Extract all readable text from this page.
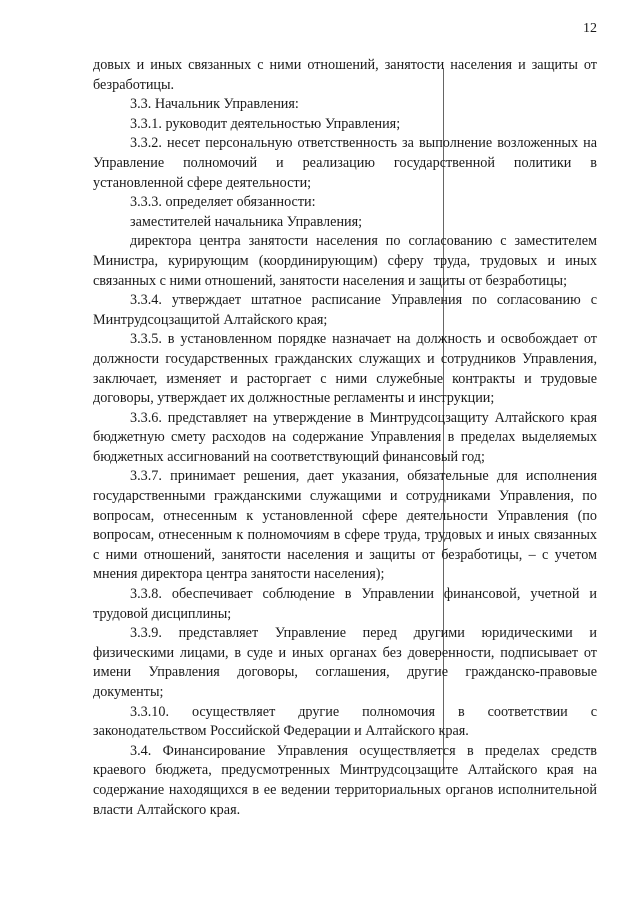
12

довых и иных связанных с ними отношений, занятости населения и защиты от безработицы.

3.3. Начальник Управления:

3.3.1. руководит деятельностью Управления;

3.3.2. несет персональную ответственность за выполнение возложенных на Управление полномочий и реализацию государственной политики в установленной сфере деятельности;

3.3.3. определяет обязанности:

заместителей начальника Управления;

директора центра занятости населения по согласованию с заместителем Министра, курирующим (координирующим) сферу труда, трудовых и иных связанных с ними отношений, занятости населения и защиты от безработицы;

3.3.4. утверждает штатное расписание Управления по согласованию с Минтрудсоцзащитой Алтайского края;

3.3.5. в установленном порядке назначает на должность и освобождает от должности государственных гражданских служащих и сотрудников Управления, заключает, изменяет и расторгает с ними служебные контракты и трудовые договоры, утверждает их должностные регламенты и инструкции;

3.3.6. представляет на утверждение в Минтрудсоцзащиту Алтайского края бюджетную смету расходов на содержание Управления в пределах выделяемых бюджетных ассигнований на соответствующий финансовый год;

3.3.7. принимает решения, дает указания, обязательные для исполнения государственными гражданскими служащими и сотрудниками Управления, по вопросам, отнесенным к установленной сфере деятельности Управления (по вопросам, отнесенным к полномочиям в сфере труда, трудовых и иных связанных с ними отношений, занятости населения и защиты от безработицы, – с учетом мнения директора центра занятости населения);

3.3.8. обеспечивает соблюдение в Управлении финансовой, учетной и трудовой дисциплины;

3.3.9. представляет Управление перед другими юридическими и физическими лицами, в суде и иных органах без доверенности, подписывает от имени Управления договоры, соглашения, другие гражданско-правовые документы;

3.3.10. осуществляет другие полномочия в соответствии с законодательством Российской Федерации и Алтайского края.

3.4. Финансирование Управления осуществляется в пределах средств краевого бюджета, предусмотренных Минтрудсоцзащите Алтайского края на содержание находящихся в ее ведении территориальных органов исполнительной власти Алтайского края.
